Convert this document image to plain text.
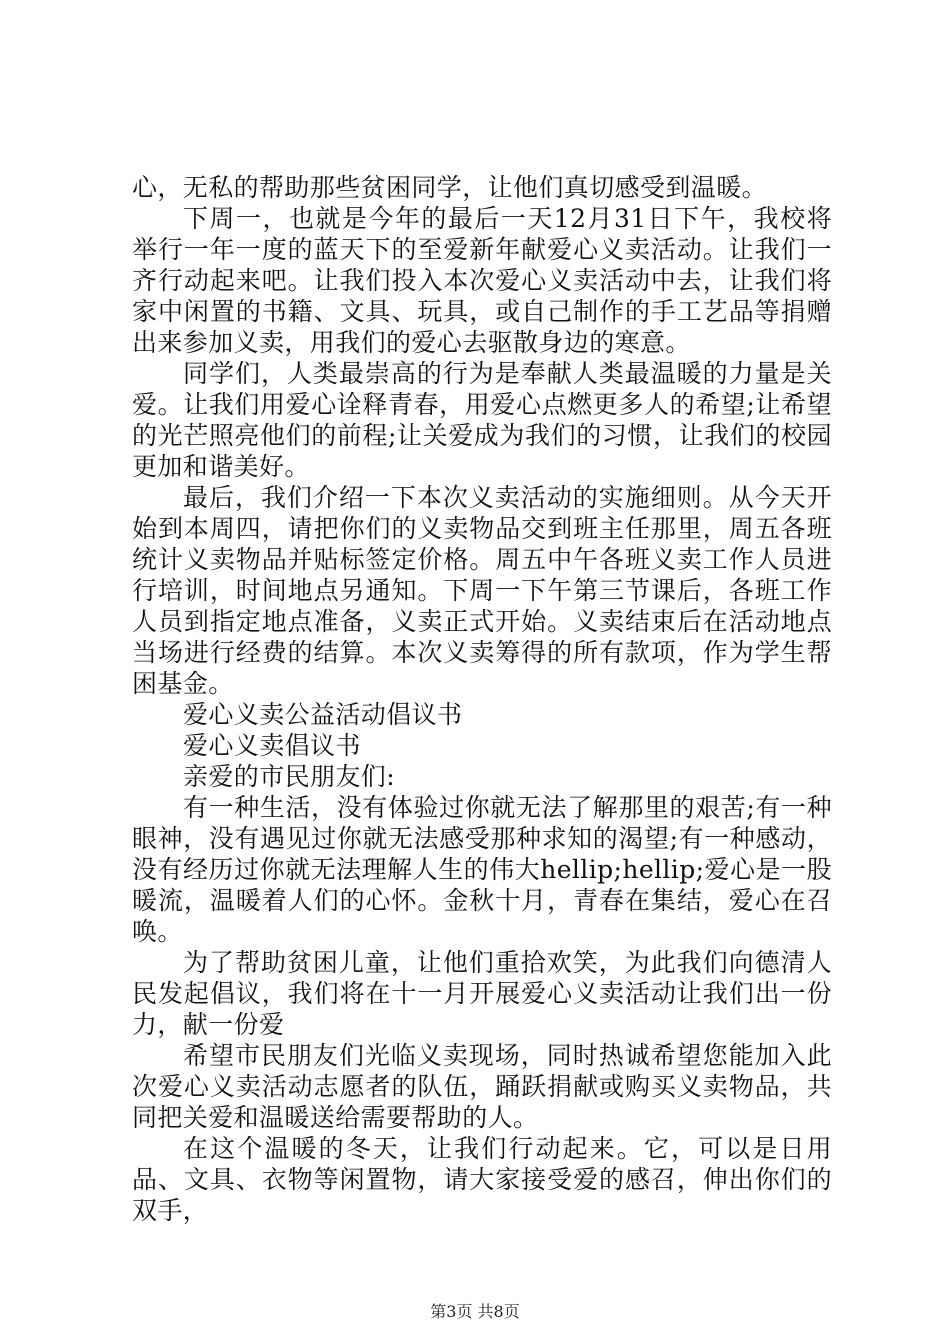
心，无私的帮助那些贫困同学，让他们真切感受到温暖。

下周一，也就是今年的最后一天12月31日下午，我校将举行一年一度的蓝天下的至爱新年献爱心义卖活动。让我们一齐行动起来吧。让我们投入本次爱心义卖活动中去，让我们将家中闲置的书籍、文具、玩具，或自己制作的手工艺品等捐赠出来参加义卖，用我们的爱心去驱散身边的寒意。

同学们，人类最崇高的行为是奉献人类最温暖的力量是关爱。让我们用爱心诠释青春，用爱心点燃更多人的希望;让希望的光芒照亮他们的前程;让关爱成为我们的习惯，让我们的校园更加和谐美好。

最后，我们介绍一下本次义卖活动的实施细则。从今天开始到本周四，请把你们的义卖物品交到班主任那里，周五各班统计义卖物品并贴标签定价格。周五中午各班义卖工作人员进行培训，时间地点另通知。下周一下午第三节课后，各班工作人员到指定地点准备，义卖正式开始。义卖结束后在活动地点当场进行经费的结算。本次义卖筹得的所有款项，作为学生帮困基金。

爱心义卖公益活动倡议书

爱心义卖倡议书

亲爱的市民朋友们:

有一种生活，没有体验过你就无法了解那里的艰苦;有一种眼神，没有遇见过你就无法感受那种求知的渴望;有一种感动，没有经历过你就无法理解人生的伟大hellip;hellip;爱心是一股暖流，温暖着人们的心怀。金秋十月，青春在集结，爱心在召唤。

为了帮助贫困儿童，让他们重拾欢笑，为此我们向德清人民发起倡议，我们将在十一月开展爱心义卖活动让我们出一份力，献一份爱

希望市民朋友们光临义卖现场，同时热诚希望您能加入此次爱心义卖活动志愿者的队伍，踊跃捐献或购买义卖物品，共同把关爱和温暖送给需要帮助的人。

在这个温暖的冬天，让我们行动起来。它，可以是日用品、文具、衣物等闲置物，请大家接受爱的感召，伸出你们的双手，

第3页 共8页
